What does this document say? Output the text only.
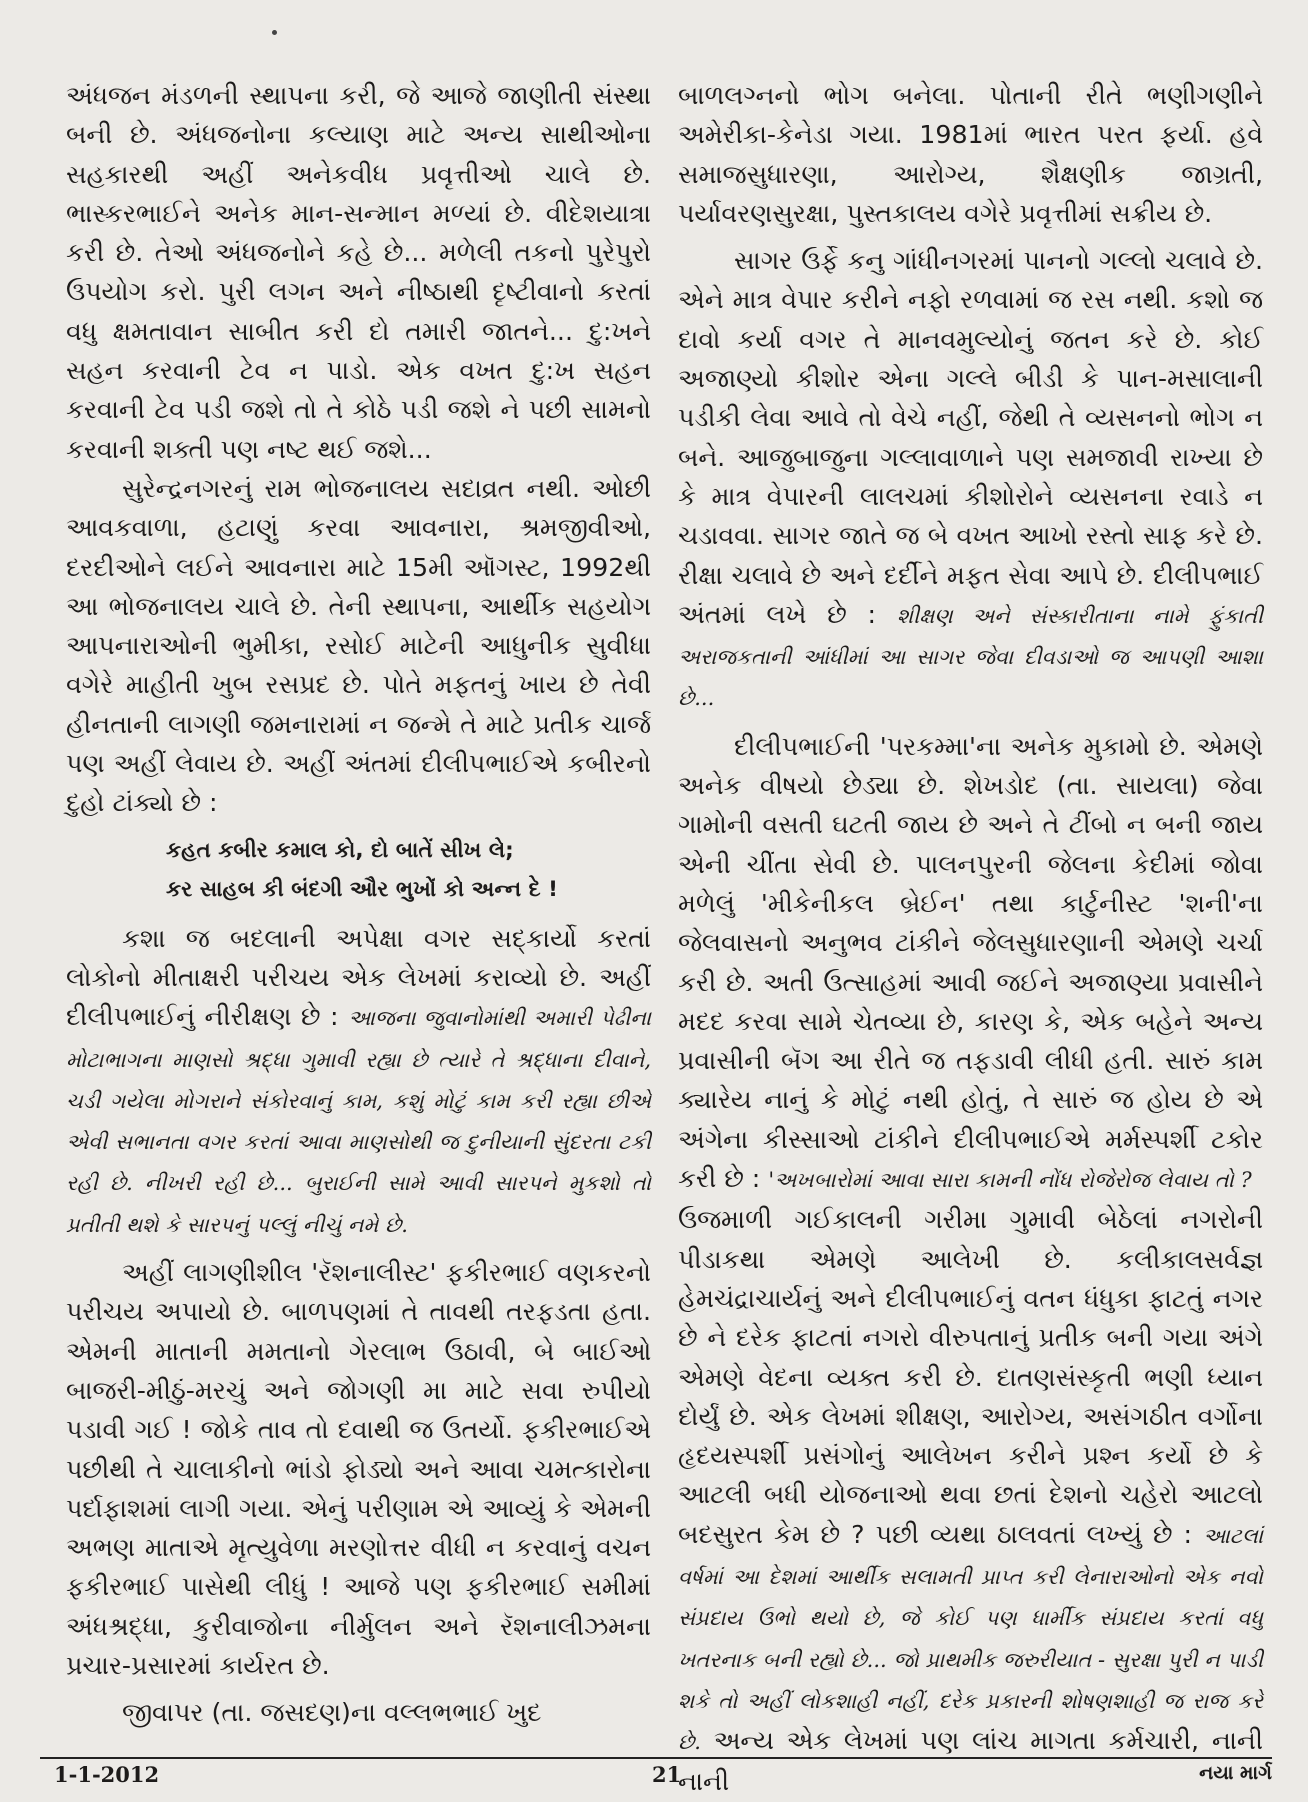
અંધજન મંડળની સ્થાપના કરી, જે આજે જાણીતી સંસ્થા બની છે. અંધજનોના કલ્યાણ માટે અન્ય સાથીઓના સહકારથી અહીં અનેકવીધ પ્રવૃત્તીઓ ચાલે છે. ભાસ્કરભાઈને અનેક માન-સન્માન મળ્યાં છે. વીદેશયાત્રા કરી છે. તેઓ અંધજનોને કહે છે... મળેલી તકનો પુરેપુરો ઉપયોગ કરો. પુરી લગન અને નીષ્ઠાથી દૃષ્ટીવાનો કરતાં વધુ ક્ષમતાવાન સાબીત કરી દો તમારી જાતને... દુ:ખને સહન કરવાની ટેવ ન પાડો. એક વખત દુ:ખ સહન કરવાની ટેવ પડી જશે તો તે કોઠે પડી જશે ને પછી સામનો કરવાની શક્તી પણ નષ્ટ થઈ જશે...

સુરેન્દ્રનગરનું રામ ભોજનાલય સદાવ્રત નથી. ઓછી આવકવાળા, હટાણું કરવા આવનારા, શ્રમજીવીઓ, દરદીઓને લઈને આવનારા માટે 15મી ઑગસ્ટ, 1992થી આ ભોજનાલય ચાલે છે. તેની સ્થાપના, આર્થીક સહયોગ આપનારાઓની ભુમીકા, રસોઈ માટેની આધુનીક સુવીધા વગેરે માહીતી ખુબ રસપ્રદ છે. પોતે મફતનું ખાય છે તેવી હીનતાની લાગણી જમનારામાં ન જન્મે તે માટે પ્રતીક ચાર્જ પણ અહીં લેવાય છે. અહીં અંતમાં દીલીપભાઈએ કબીરનો દુહો ટાંક્યો છે :

કહત કબીર કમાલ કો, દો બાતેં સીખ લે;
કર સાહબ કી બંદગી ઔર ભુખોં કો અન્ન દે !

કશા જ બદલાની અપેક્ષા વગર સદ્કાર્યો કરતાં લોકોનો મીતાક્ષરી પરીચય એક લેખમાં કરાવ્યો છે. અહીં દીલીપભાઈનું નીરીક્ષણ છે : આજના જુવાનોમાંથી અમારી પેઢીના મોટાભાગના માણસો શ્રદ્ધા ગુમાવી રહ્યા છે ત્યારે તે શ્રદ્ધાના દીવાને, ચડી ગયેલા મોગરાને સંકોરવાનું કામ, કશું મોટું કામ કરી રહ્યા છીએ એવી સભાનતા વગર કરતાં આવા માણસોથી જ દુનીયાની સુંદરતા ટકી રહી છે. નીખરી રહી છે... બુરાઈની સામે આવી સારપને મુકશો તો પ્રતીતી થશે કે સારપનું પલ્લું નીચું નમે છે.

અહીં લાગણીશીલ 'રૅશનાલીસ્ટ' ફકીરભાઈ વણકરનો પરીચય અપાયો છે. બાળપણમાં તે તાવથી તરફડતા હતા. એમની માતાની મમતાનો ગેરલાભ ઉઠાવી, બે બાઈઓ બાજરી-મીઠું-મરચું અને જોગણી મા માટે સવા રુપીયો પડાવી ગઈ ! જોકે તાવ તો દવાથી જ ઉતર્યો. ફકીરભાઈએ પછીથી તે ચાલાકીનો ભાંડો ફોડ્યો અને આવા ચમત્કારોના પર્દાફાશમાં લાગી ગયા. એનું પરીણામ એ આવ્યું કે એમની અભણ માતાએ મૃત્યુવેળા મરણોત્તર વીધી ન કરવાનું વચન ફકીરભાઈ પાસેથી લીધું ! આજે પણ ફકીરભાઈ સમીમાં અંધશ્રદ્ધા, કુરીવાજોના નીર્મુલન અને રૅશનાલીઝમના પ્રચાર-પ્રસારમાં કાર્યરત છે.

જીવાપર (તા. જસદણ)ના વલ્લભભાઈ ખુદ

બાળલગ્નનો ભોગ બનેલા. પોતાની રીતે ભણીગણીને અમેરીકા-કેનેડા ગયા. 1981માં ભારત પરત ફર્યા. હવે સમાજસુધારણા, આરોગ્ય, શૈક્ષણીક જાગ્રતી, પર્યાવરણસુરક્ષા, પુસ્તકાલય વગેરે પ્રવૃત્તીમાં સક્રીય છે.

સાગર ઉર્ફે કનુ ગાંધીનગરમાં પાનનો ગલ્લો ચલાવે છે. એને માત્ર વેપાર કરીને નફો રળવામાં જ રસ નથી. કશો જ દાવો કર્યા વગર તે માનવમુલ્યોનું જતન કરે છે. કોઈ અજાણ્યો કીશોર એના ગલ્લે બીડી કે પાન-મસાલાની પડીકી લેવા આવે તો વેચે નહીં, જેથી તે વ્યસનનો ભોગ ન બને. આજુબાજુના ગલ્લાવાળાને પણ સમજાવી રાખ્યા છે કે માત્ર વેપારની લાલચમાં કીશોરોને વ્યસનના રવાડે ન ચડાવવા. સાગર જાતે જ બે વખત આખો રસ્તો સાફ કરે છે. રીક્ષા ચલાવે છે અને દર્દીને મફત સેવા આપે છે. દીલીપભાઈ અંતમાં લખે છે : શીક્ષણ અને સંસ્કારીતાના નામે ફુંકાતી અરાજકતાની આંધીમાં આ સાગર જેવા દીવડાઓ જ આપણી આશા છે...

દીલીપભાઈની 'પરકમ્મા'ના અનેક મુકામો છે. એમણે અનેક વીષયો છેડ્યા છે. શેખડોદ (તા. સાયલા) જેવા ગામોની વસતી ઘટતી જાય છે અને તે ટીંબો ન બની જાય એની ચીંતા સેવી છે. પાલનપુરની જેલના કેદીમાં જોવા મળેલું 'મીકેનીકલ બ્રેઈન' તથા કાર્ટુનીસ્ટ 'શની'ના જેલવાસનો અનુભવ ટાંકીને જેલસુધારણાની એમણે ચર્ચા કરી છે. અતી ઉત્સાહમાં આવી જઈને અજાણ્યા પ્રવાસીને મદદ કરવા સામે ચેતવ્યા છે, કારણ કે, એક બહેને અન્ય પ્રવાસીની બૅગ આ રીતે જ તફડાવી લીધી હતી. સારું કામ ક્યારેય નાનું કે મોટું નથી હોતું, તે સારું જ હોય છે એ અંગેના કીસ્સાઓ ટાંકીને દીલીપભાઈએ મર્મસ્પર્શી ટકોર કરી છે : 'અખબારોમાં આવા સારા કામની નોંધ રોજેરોજ લેવાય તો ?

ઉજમાળી ગઈકાલની ગરીમા ગુમાવી બેઠેલાં નગરોની પીડાકથા એમણે આલેખી છે. કલીકાલસર્વજ્ઞ હેમચંદ્રાચાર્યનું અને દીલીપભાઈનું વતન ધંધુકા ફાટતું નગર છે ને દરેક ફાટતાં નગરો વીરુપતાનું પ્રતીક બની ગયા અંગે એમણે વેદના વ્યક્ત કરી છે. દાતણસંસ્કૃતી ભણી ધ્યાન દોર્યું છે. એક લેખમાં શીક્ષણ, આરોગ્ય, અસંગઠીત વર્ગોના હૃદયસ્પર્શી પ્રસંગોનું આલેખન કરીને પ્રશ્ન કર્યો છે કે આટલી બધી યોજનાઓ થવા છતાં દેશનો ચહેરો આટલો બદસુરત કેમ છે ? પછી વ્યથા ઠાલવતાં લખ્યું છે : આટલાં વર્ષમાં આ દેશમાં આર્થીક સલામતી પ્રાપ્ત કરી લેનારાઓનો એક નવો સંપ્રદાય ઉભો થયો છે, જે કોઈ પણ ધાર્મીક સંપ્રદાય કરતાં વધુ ખતરનાક બની રહ્યો છે... જો પ્રાથમીક જરુરીયાત - સુરક્ષા પુરી ન પાડી શકે તો અહીં લોકશાહી નહીં, દરેક પ્રકારની શોષણશાહી જ રાજ કરે છે. અન્ય એક લેખમાં પણ લાંચ માગતા કર્મચારી, નાની નાની

1-1-2012	21	નયા માર્ગ
